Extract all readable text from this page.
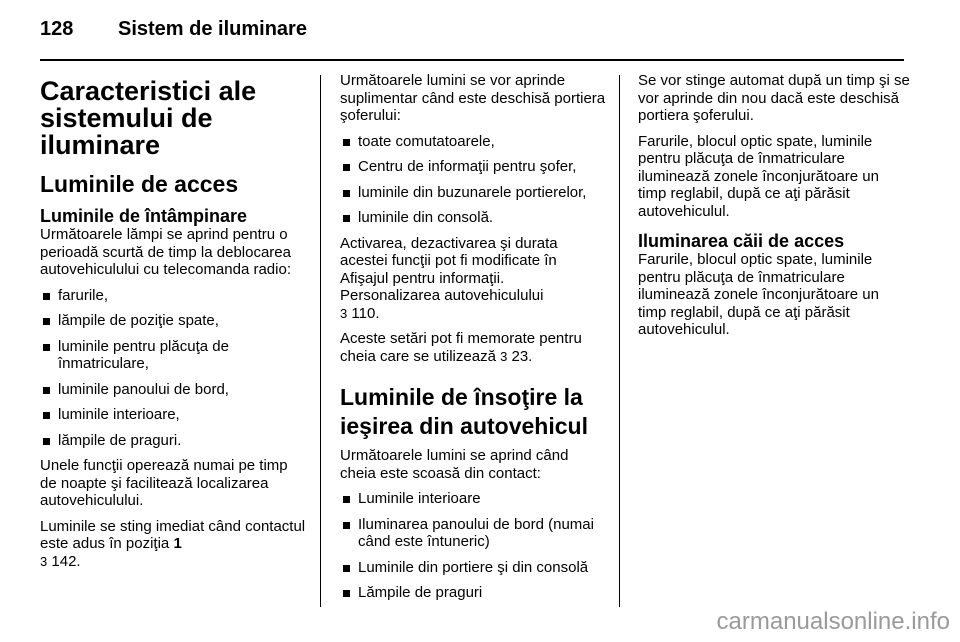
128 Sistem de iluminare
Caracteristici ale
sistemului de iluminare
Luminile de acces
Luminile de întâmpinare

Următoarele lămpi se aprind pentru o perioadă scurtă de timp la deblocarea autovehiculului cu telecomanda radio:

farurile,
lămpile de poziţie spate,
luminile pentru plăcuţa de înmatriculare,
luminile panoului de bord,
luminile interioare,
lămpile de praguri.

Unele funcţii operează numai pe timp de noapte şi facilitează localizarea autovehiculului.

Luminile se sting imediat când contactul este adus în poziţia 1
3 142.

Următoarele lumini se vor aprinde suplimentar când este deschisă portiera şoferului:

toate comutatoarele,
Centru de informaţii pentru şofer,
luminile din buzunarele portierelor,
luminile din consolă.

Activarea, dezactivarea şi durata acestei funcţii pot fi modificate în Afişajul pentru informaţii.

Personalizarea autovehiculului
3 110.

Aceste setări pot fi memorate pentru cheia care se utilizează 3 23.

Luminile de însoţire la
ieşirea din autovehicul

Următoarele lumini se aprind când cheia este scoasă din contact:

Luminile interioare
Iluminarea panoului de bord (numai când este întuneric)
Luminile din portiere şi din consolă
Lămpile de praguri

Se vor stinge automat după un timp şi se vor aprinde din nou dacă este deschisă portiera şoferului.

Farurile, blocul optic spate, luminile pentru plăcuţa de înmatriculare iluminează zonele înconjurătoare un timp reglabil, după ce aţi părăsit autovehiculul.

Iluminarea căii de acces

Farurile, blocul optic spate, luminile pentru plăcuţa de înmatriculare iluminează zonele înconjurătoare un timp reglabil, după ce aţi părăsit autovehiculul.

carmanualsonline.info
